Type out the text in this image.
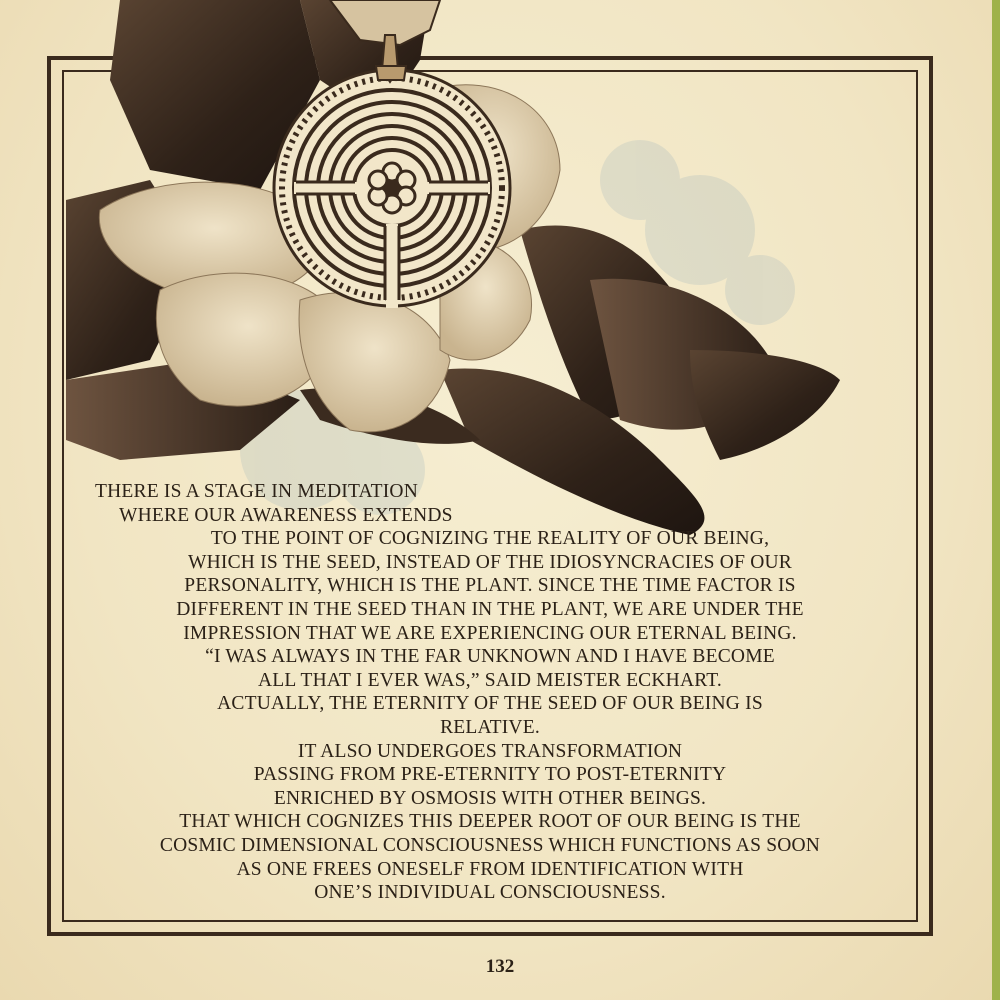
THERE IS A STAGE IN MEDITATION
WHERE OUR AWARENESS EXTENDS
TO THE POINT OF COGNIZING THE REALITY OF OUR BEING,
WHICH IS THE SEED, INSTEAD OF THE IDIOSYNCRACIES OF OUR
PERSONALITY, WHICH IS THE PLANT. SINCE THE TIME FACTOR IS
DIFFERENT IN THE SEED THAN IN THE PLANT, WE ARE UNDER THE
IMPRESSION THAT WE ARE EXPERIENCING OUR ETERNAL BEING.
“I WAS ALWAYS IN THE FAR UNKNOWN AND I HAVE BECOME
ALL THAT I EVER WAS,” SAID MEISTER ECKHART.
ACTUALLY, THE ETERNITY OF THE SEED OF OUR BEING IS
RELATIVE.
IT ALSO UNDERGOES TRANSFORMATION
PASSING FROM PRE-ETERNITY TO POST-ETERNITY
ENRICHED BY OSMOSIS WITH OTHER BEINGS.
THAT WHICH COGNIZES THIS DEEPER ROOT OF OUR BEING IS THE
COSMIC DIMENSIONAL CONSCIOUSNESS WHICH FUNCTIONS AS SOON
AS ONE FREES ONESELF FROM IDENTIFICATION WITH
ONE’S INDIVIDUAL CONSCIOUSNESS.
132
